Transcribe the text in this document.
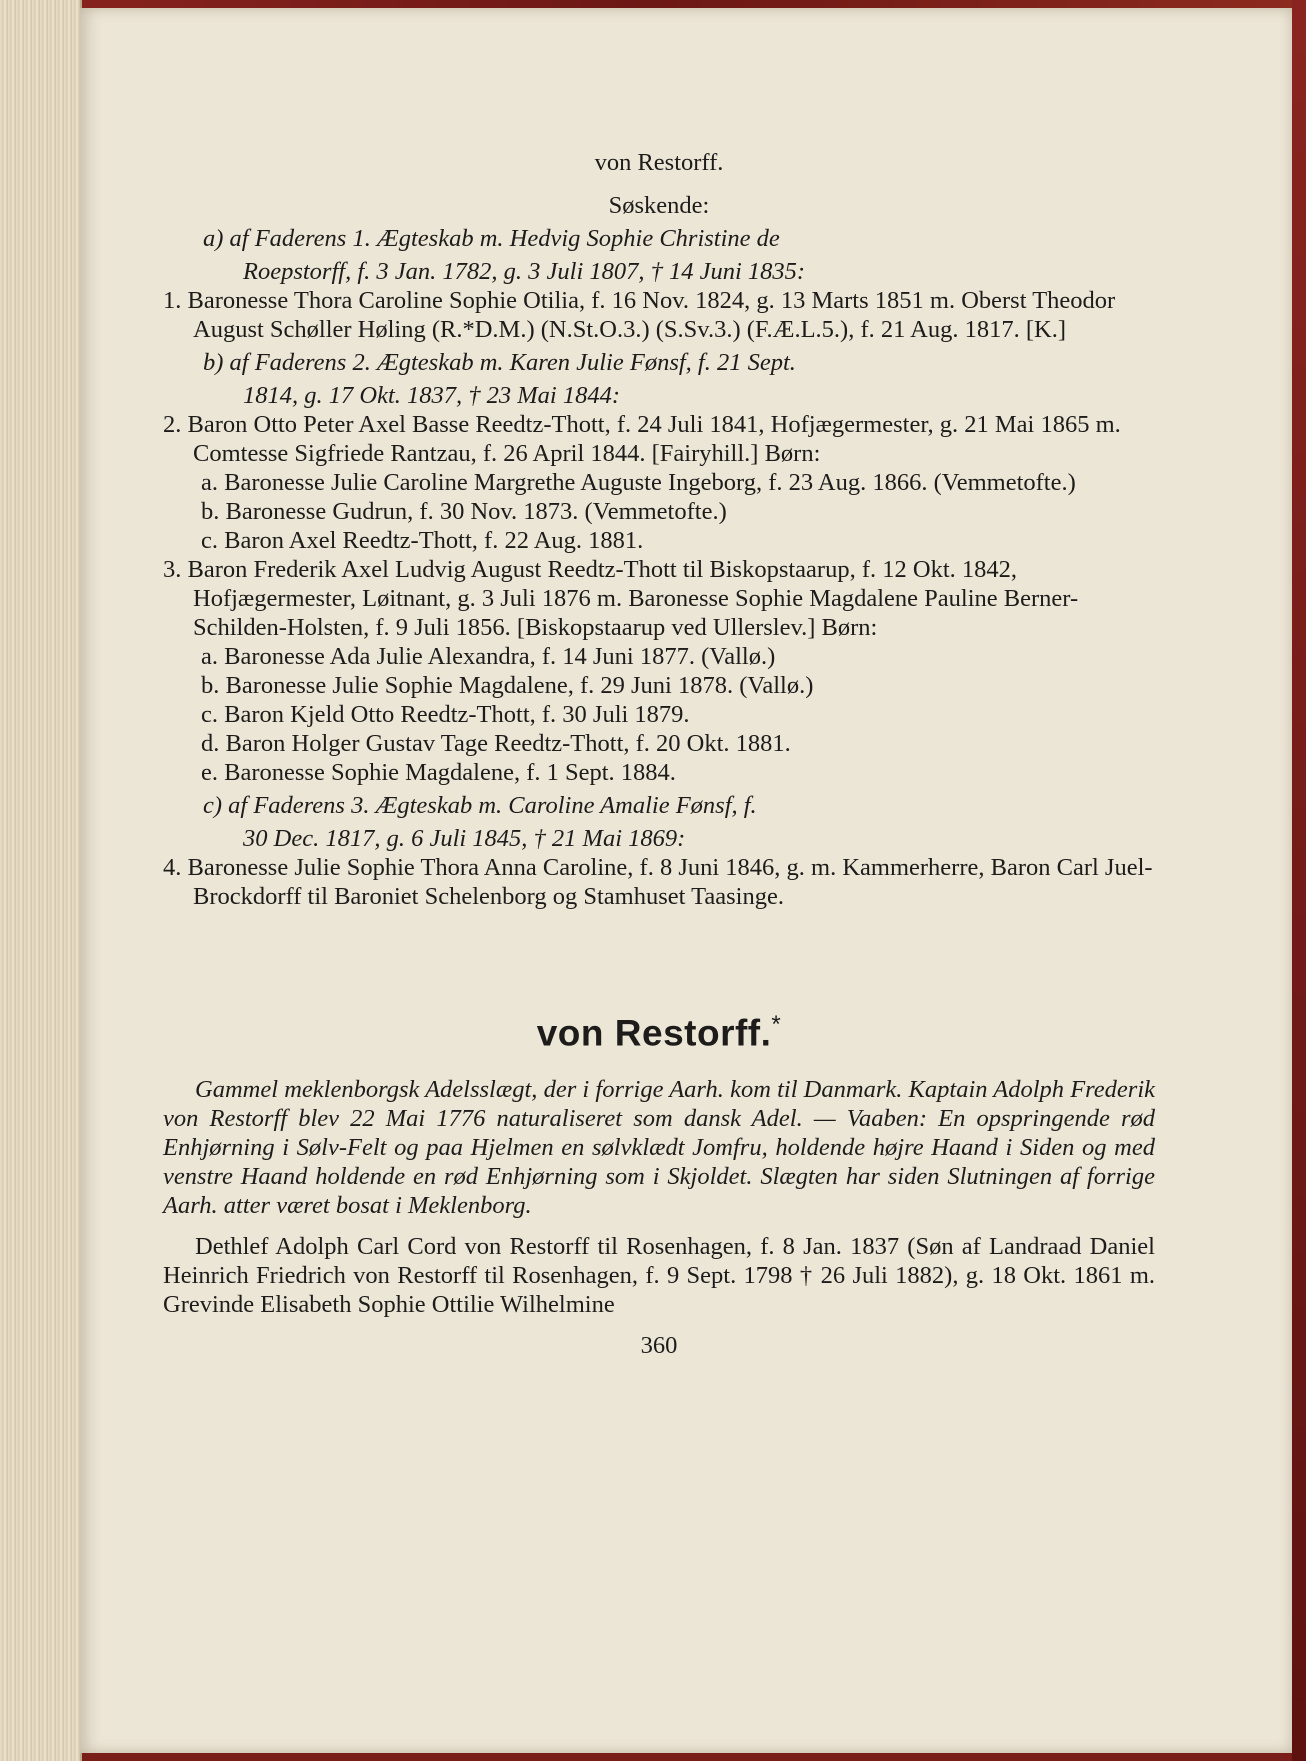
von Restorff.

Søskende:

a) af Faderens 1. Ægteskab m. Hedvig Sophie Christine de

Roepstorff, f. 3 Jan. 1782, g. 3 Juli 1807, † 14 Juni 1835:

1. Baronesse Thora Caroline Sophie Otilia, f. 16 Nov. 1824, g. 13 Marts 1851 m. Oberst Theodor August Schøller Høling (R.*D.M.) (N.St.O.3.) (S.Sv.3.) (F.Æ.L.5.), f. 21 Aug. 1817. [K.]

b) af Faderens 2. Ægteskab m. Karen Julie Fønsf, f. 21 Sept.

1814, g. 17 Okt. 1837, † 23 Mai 1844:

2. Baron Otto Peter Axel Basse Reedtz-Thott, f. 24 Juli 1841, Hofjægermester, g. 21 Mai 1865 m. Comtesse Sigfriede Rantzau, f. 26 April 1844. [Fairyhill.] Børn:

a. Baronesse Julie Caroline Margrethe Auguste Ingeborg, f. 23 Aug. 1866. (Vemmetofte.)

b. Baronesse Gudrun, f. 30 Nov. 1873. (Vemmetofte.)

c. Baron Axel Reedtz-Thott, f. 22 Aug. 1881.

3. Baron Frederik Axel Ludvig August Reedtz-Thott til Biskopstaarup, f. 12 Okt. 1842, Hofjægermester, Løitnant, g. 3 Juli 1876 m. Baronesse Sophie Magdalene Pauline Berner-Schilden-Holsten, f. 9 Juli 1856. [Biskopstaarup ved Ullerslev.] Børn:

a. Baronesse Ada Julie Alexandra, f. 14 Juni 1877. (Vallø.)

b. Baronesse Julie Sophie Magdalene, f. 29 Juni 1878. (Vallø.)

c. Baron Kjeld Otto Reedtz-Thott, f. 30 Juli 1879.

d. Baron Holger Gustav Tage Reedtz-Thott, f. 20 Okt. 1881.

e. Baronesse Sophie Magdalene, f. 1 Sept. 1884.

c) af Faderens 3. Ægteskab m. Caroline Amalie Fønsf, f.

30 Dec. 1817, g. 6 Juli 1845, † 21 Mai 1869:

4. Baronesse Julie Sophie Thora Anna Caroline, f. 8 Juni 1846, g. m. Kammerherre, Baron Carl Juel-Brockdorff til Baroniet Schelenborg og Stamhuset Taasinge.

von Restorff.*

Gammel meklenborgsk Adelsslægt, der i forrige Aarh. kom til Danmark. Kaptain Adolph Frederik von Restorff blev 22 Mai 1776 naturaliseret som dansk Adel. — Vaaben: En opspringende rød Enhjørning i Sølv-Felt og paa Hjelmen en sølvklædt Jomfru, holdende højre Haand i Siden og med venstre Haand holdende en rød Enhjørning som i Skjoldet. Slægten har siden Slutningen af forrige Aarh. atter været bosat i Meklenborg.

Dethlef Adolph Carl Cord von Restorff til Rosenhagen, f. 8 Jan. 1837 (Søn af Landraad Daniel Heinrich Friedrich von Restorff til Rosenhagen, f. 9 Sept. 1798 † 26 Juli 1882), g. 18 Okt. 1861 m. Grevinde Elisabeth Sophie Ottilie Wilhelmine

360
